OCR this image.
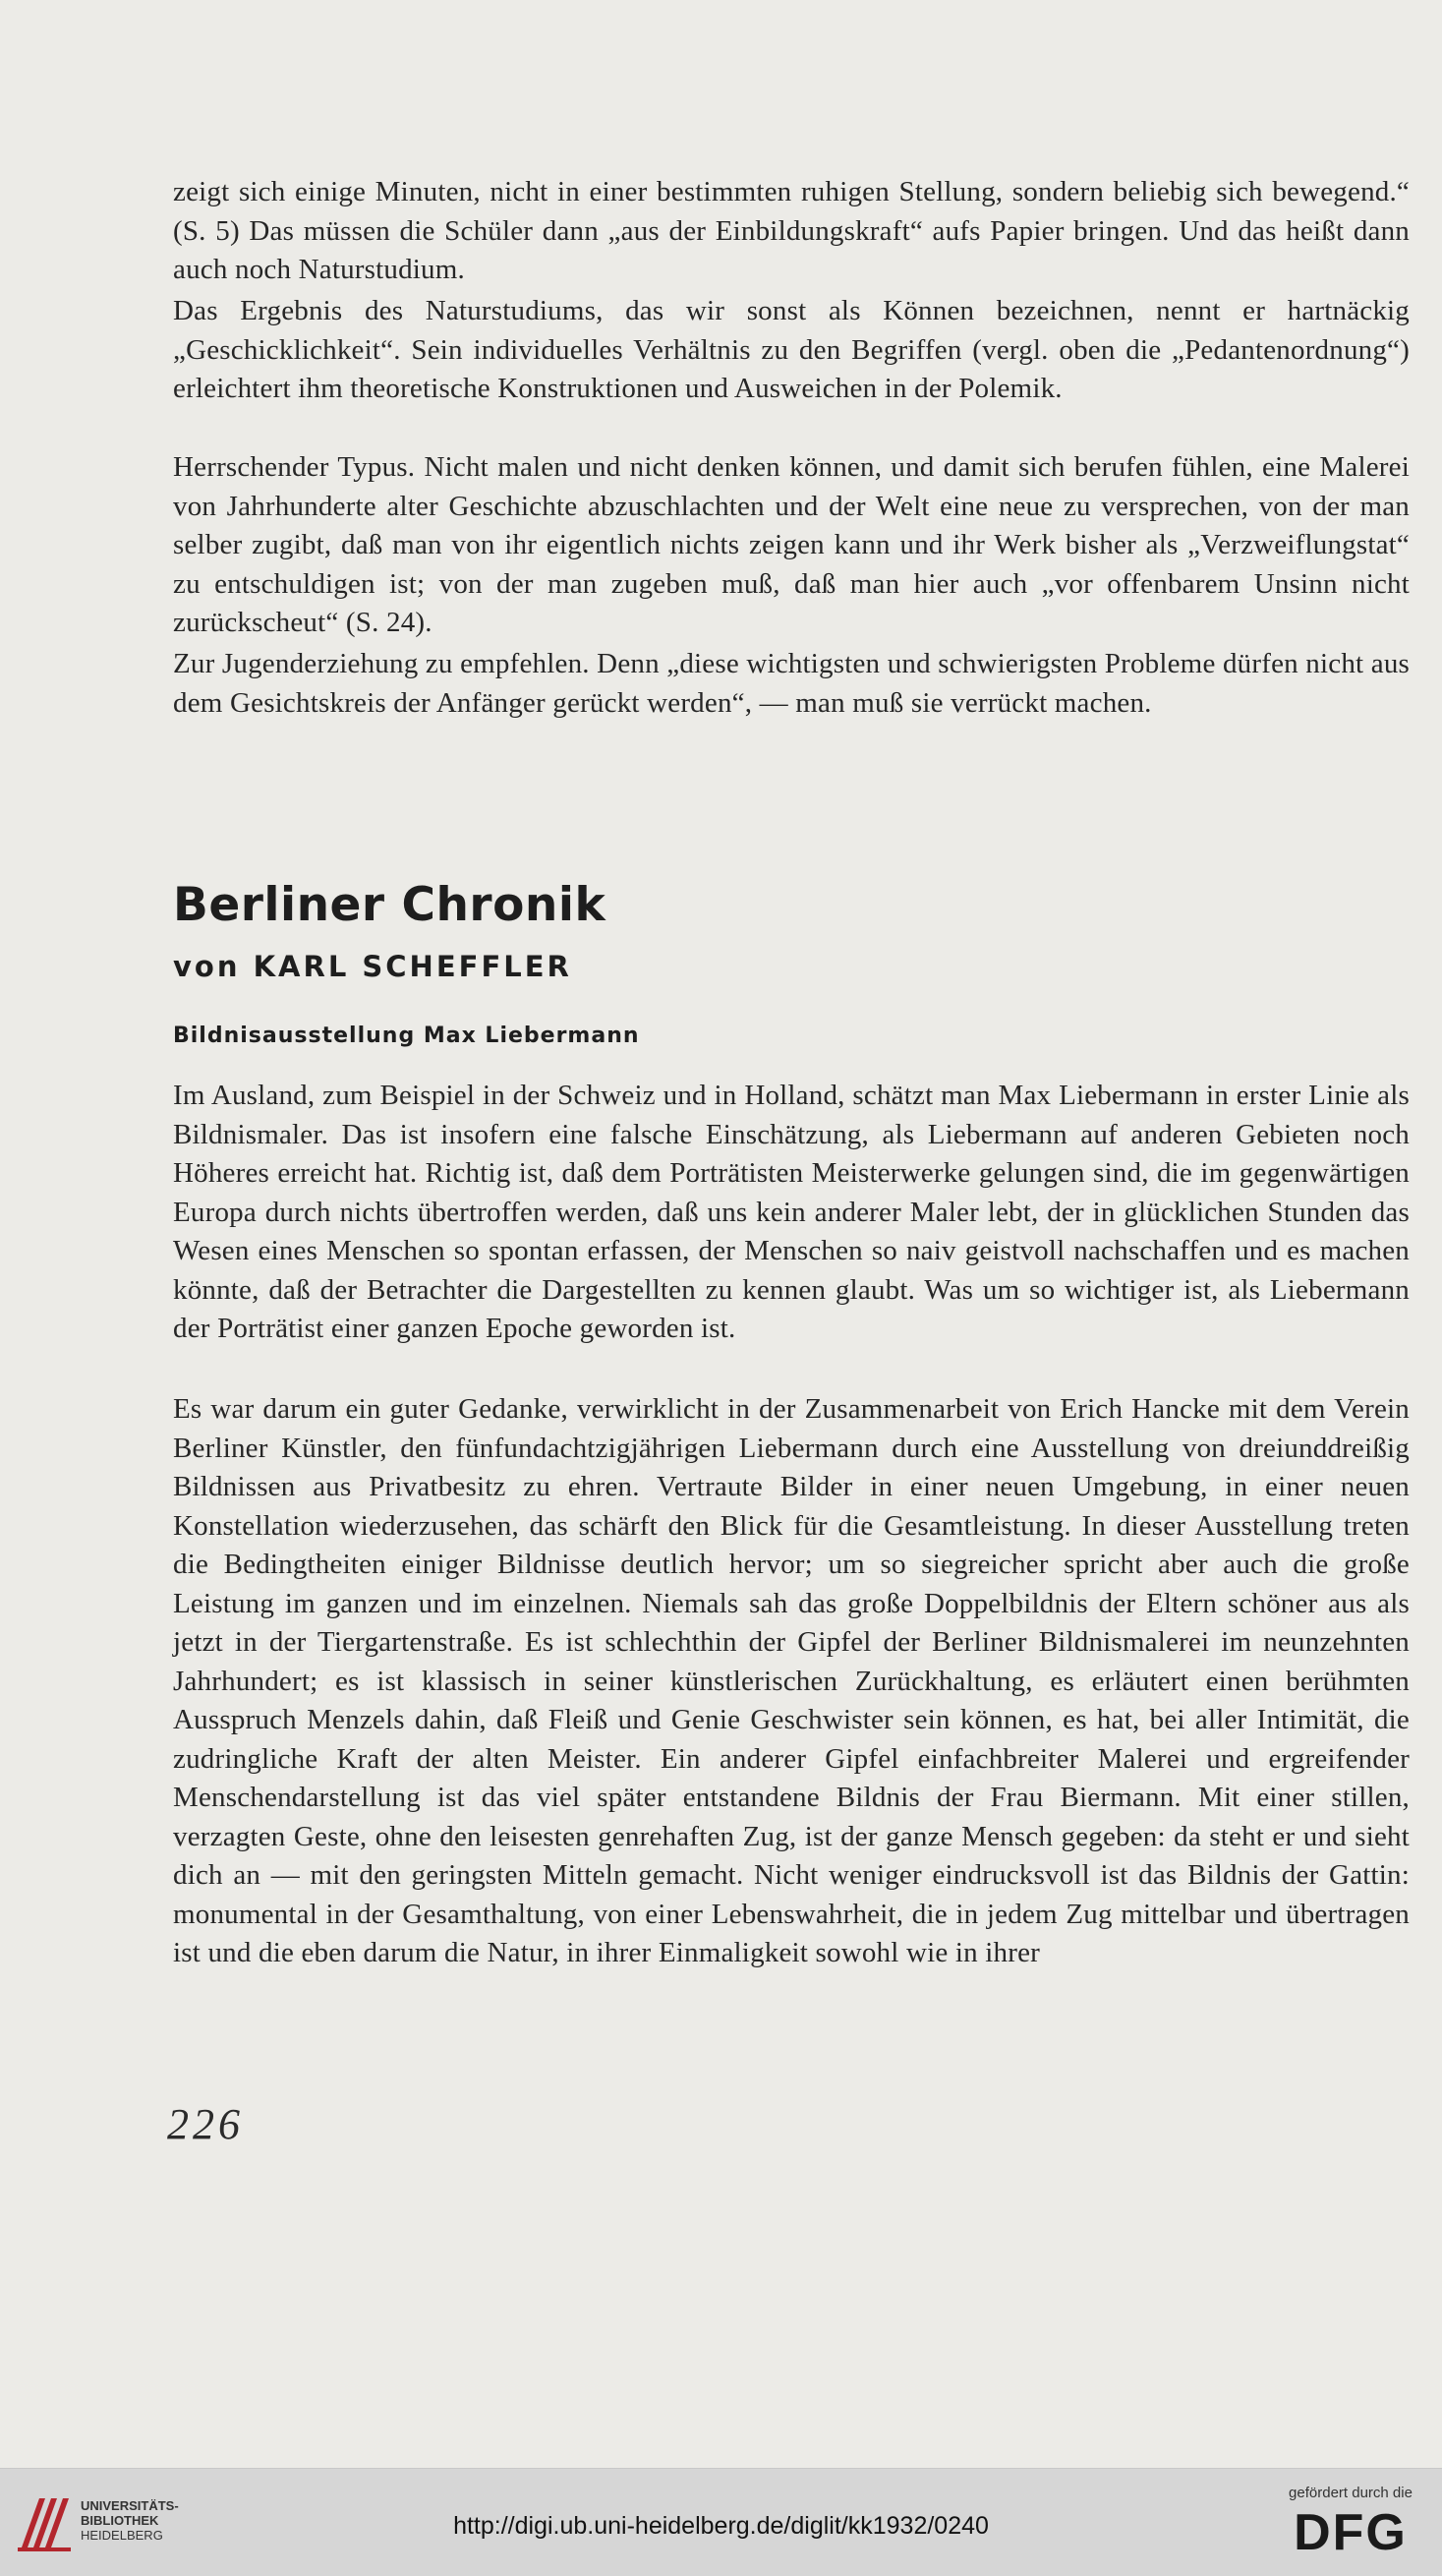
zeigt sich einige Minuten, nicht in einer bestimmten ruhigen Stellung, sondern beliebig sich bewegend.“ (S. 5) Das müssen die Schüler dann „aus der Einbildungskraft“ aufs Papier bringen. Und das heißt dann auch noch Naturstudium.

Das Ergebnis des Naturstudiums, das wir sonst als Können bezeichnen, nennt er hartnäckig „Geschicklichkeit“. Sein individuelles Verhältnis zu den Begriffen (vergl. oben die „Pedantenordnung“) erleichtert ihm theoretische Konstruktionen und Ausweichen in der Polemik.

Herrschender Typus. Nicht malen und nicht denken können, und damit sich berufen fühlen, eine Malerei von Jahrhunderte alter Geschichte abzuschlachten und der Welt eine neue zu versprechen, von der man selber zugibt, daß man von ihr eigentlich nichts zeigen kann und ihr Werk bisher als „Verzweiflungstat“ zu entschuldigen ist; von der man zugeben muß, daß man hier auch „vor offenbarem Unsinn nicht zurückscheut“ (S. 24).

Zur Jugenderziehung zu empfehlen. Denn „diese wichtigsten und schwierigsten Probleme dürfen nicht aus dem Gesichtskreis der Anfänger gerückt werden“, — man muß sie verrückt machen.

Berliner Chronik
von KARL SCHEFFLER
Bildnisausstellung Max Liebermann

Im Ausland, zum Beispiel in der Schweiz und in Holland, schätzt man Max Liebermann in erster Linie als Bildnismaler. Das ist insofern eine falsche Einschätzung, als Liebermann auf anderen Gebieten noch Höheres erreicht hat. Richtig ist, daß dem Porträtisten Meisterwerke gelungen sind, die im gegenwärtigen Europa durch nichts übertroffen werden, daß uns kein anderer Maler lebt, der in glücklichen Stunden das Wesen eines Menschen so spontan erfassen, der Menschen so naiv geistvoll nachschaffen und es machen könnte, daß der Betrachter die Dargestellten zu kennen glaubt. Was um so wichtiger ist, als Liebermann der Porträtist einer ganzen Epoche geworden ist.

Es war darum ein guter Gedanke, verwirklicht in der Zusammenarbeit von Erich Hancke mit dem Verein Berliner Künstler, den fünfundachtzigjährigen Liebermann durch eine Ausstellung von dreiunddreißig Bildnissen aus Privatbesitz zu ehren. Vertraute Bilder in einer neuen Umgebung, in einer neuen Konstellation wiederzusehen, das schärft den Blick für die Gesamtleistung. In dieser Ausstellung treten die Bedingtheiten einiger Bildnisse deutlich hervor; um so siegreicher spricht aber auch die große Leistung im ganzen und im einzelnen. Niemals sah das große Doppelbildnis der Eltern schöner aus als jetzt in der Tiergartenstraße. Es ist schlechthin der Gipfel der Berliner Bildnismalerei im neunzehnten Jahrhundert; es ist klassisch in seiner künstlerischen Zurückhaltung, es erläutert einen berühmten Ausspruch Menzels dahin, daß Fleiß und Genie Geschwister sein können, es hat, bei aller Intimität, die zudringliche Kraft der alten Meister. Ein anderer Gipfel einfachbreiter Malerei und ergreifender Menschendarstellung ist das viel später entstandene Bildnis der Frau Biermann. Mit einer stillen, verzagten Geste, ohne den leisesten genrehaften Zug, ist der ganze Mensch gegeben: da steht er und sieht dich an — mit den geringsten Mitteln gemacht. Nicht weniger eindrucksvoll ist das Bildnis der Gattin: monumental in der Gesamthaltung, von einer Lebenswahrheit, die in jedem Zug mittelbar und übertragen ist und die eben darum die Natur, in ihrer Einmaligkeit sowohl wie in ihrer

226
UNIVERSITÄTS-
BIBLIOTHEK
HEIDELBERG	http://digi.ub.uni-heidelberg.de/diglit/kk1932/0240
gefördert durch die
DFG
